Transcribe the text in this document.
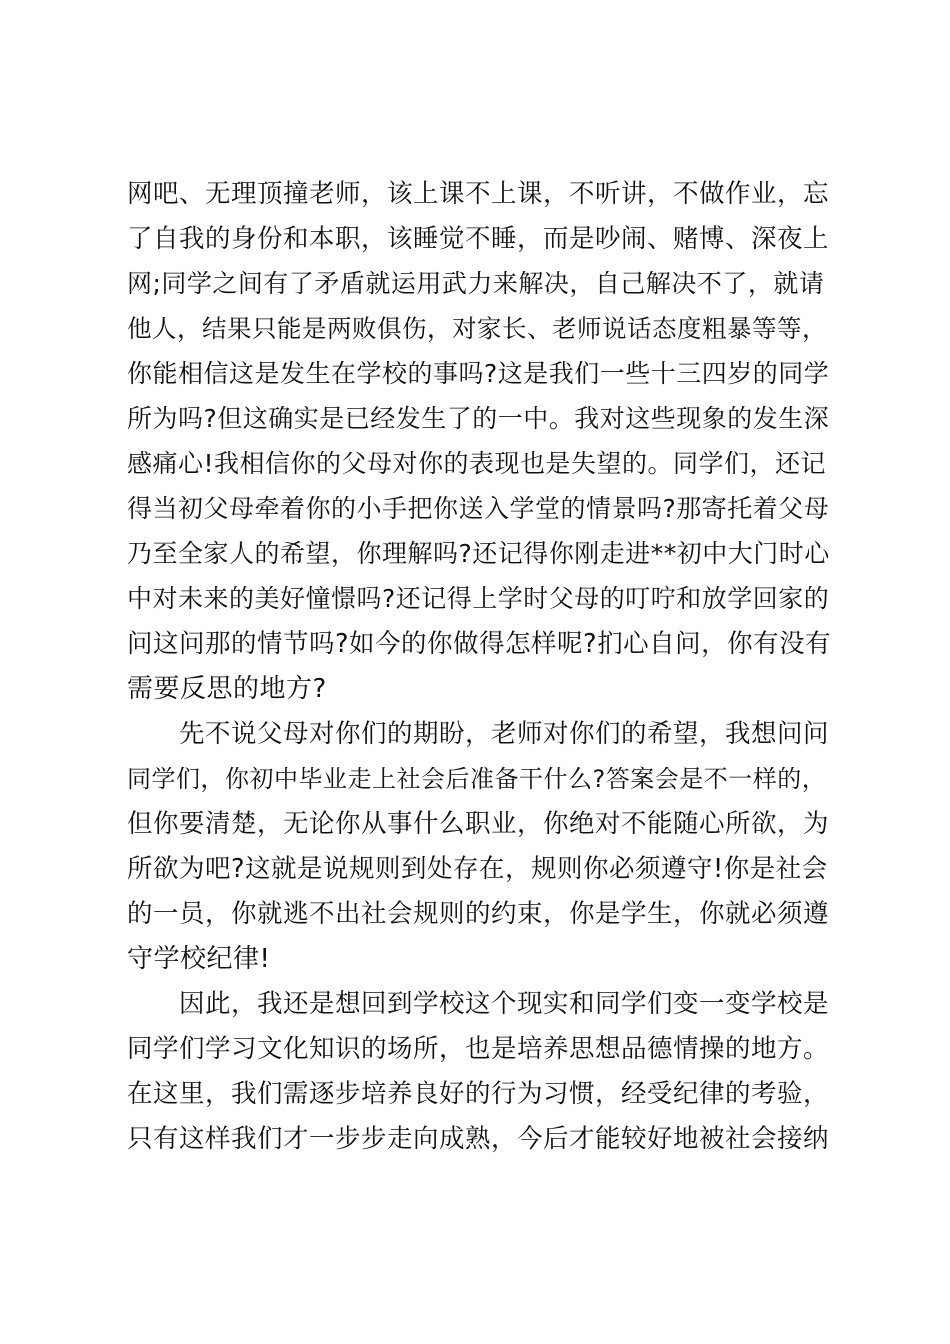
网吧、无理顶撞老师，该上课不上课，不听讲，不做作业，忘
了自我的身份和本职，该睡觉不睡，而是吵闹、赌博、深夜上
网;同学之间有了矛盾就运用武力来解决，自己解决不了，就请
他人，结果只能是两败俱伤，对家长、老师说话态度粗暴等等，
你能相信这是发生在学校的事吗?这是我们一些十三四岁的同学
所为吗?但这确实是已经发生了的一中。我对这些现象的发生深
感痛心!我相信你的父母对你的表现也是失望的。同学们，还记
得当初父母牵着你的小手把你送入学堂的情景吗?那寄托着父母
乃至全家人的希望，你理解吗?还记得你刚走进**初中大门时心
中对未来的美好憧憬吗?还记得上学时父母的叮咛和放学回家的
问这问那的情节吗?如今的你做得怎样呢?扪心自问，你有没有
需要反思的地方?
先不说父母对你们的期盼，老师对你们的希望，我想问问
同学们，你初中毕业走上社会后准备干什么?答案会是不一样的，
但你要清楚，无论你从事什么职业，你绝对不能随心所欲，为
所欲为吧?这就是说规则到处存在，规则你必须遵守!你是社会
的一员，你就逃不出社会规则的约束，你是学生，你就必须遵
守学校纪律!
因此，我还是想回到学校这个现实和同学们变一变学校是
同学们学习文化知识的场所，也是培养思想品德情操的地方。
在这里，我们需逐步培养良好的行为习惯，经受纪律的考验，
只有这样我们才一步步走向成熟，今后才能较好地被社会接纳
